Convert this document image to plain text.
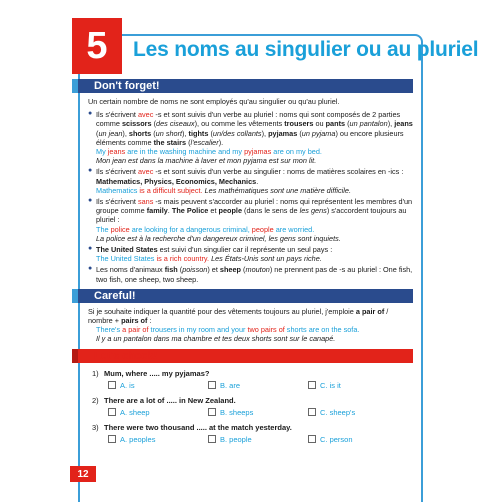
5	Les noms au singulier ou au pluriel
Don't forget!

Un certain nombre de noms ne sont employés qu'au singulier ou qu'au pluriel.

● Ils s'écrivent avec -s et sont suivis d'un verbe au pluriel : noms qui sont composés de 2 parties comme scissors (des ciseaux), ou comme les vêtements trousers ou pants (un pantalon), jeans (un jean), shorts (un short), tights (un/des collants), pyjamas (un pyjama) ou encore plusieurs éléments comme the stairs (l'escalier).

My jeans are in the washing machine and my pyjamas are on my bed.

Mon jean est dans la machine à laver et mon pyjama est sur mon lit.

● Ils s'écrivent avec -s et sont suivis d'un verbe au singulier : noms de matières scolaires en -ics : Mathematics, Physics, Economics, Mechanics.

Mathematics is a difficult subject. Les mathématiques sont une matière difficile.

● Ils s'écrivent sans -s mais peuvent s'accorder au pluriel : noms qui représentent les membres d'un groupe comme family. The Police et people (dans le sens de les gens) s'accordent toujours au pluriel :

The police are looking for a dangerous criminal, people are worried.

La police est à la recherche d'un dangereux criminel, les gens sont inquiets.

● The United States est suivi d'un singulier car il représente un seul pays :

The United States is a rich country. Les États-Unis sont un pays riche.

● Les noms d'animaux fish (poisson) et sheep (mouton) ne prennent pas de -s au pluriel : One fish, two fish, one sheep, two sheep.

Careful!

Si je souhaite indiquer la quantité pour des vêtements toujours au pluriel, j'emploie a pair of / nombre + pairs of :

There's a pair of trousers in my room and your two pairs of shorts are on the sofa.

Il y a un pantalon dans ma chambre et tes deux shorts sont sur le canapé.

Let's check!
1) Mum, where ..... my pyjamas?
A. is	B. are	C. is it
2) There are a lot of ..... in New Zealand.
A. sheep	B. sheeps	C. sheep's
3) There were two thousand ..... at the match yesterday.
A. peoples	B. people	C. person
12
